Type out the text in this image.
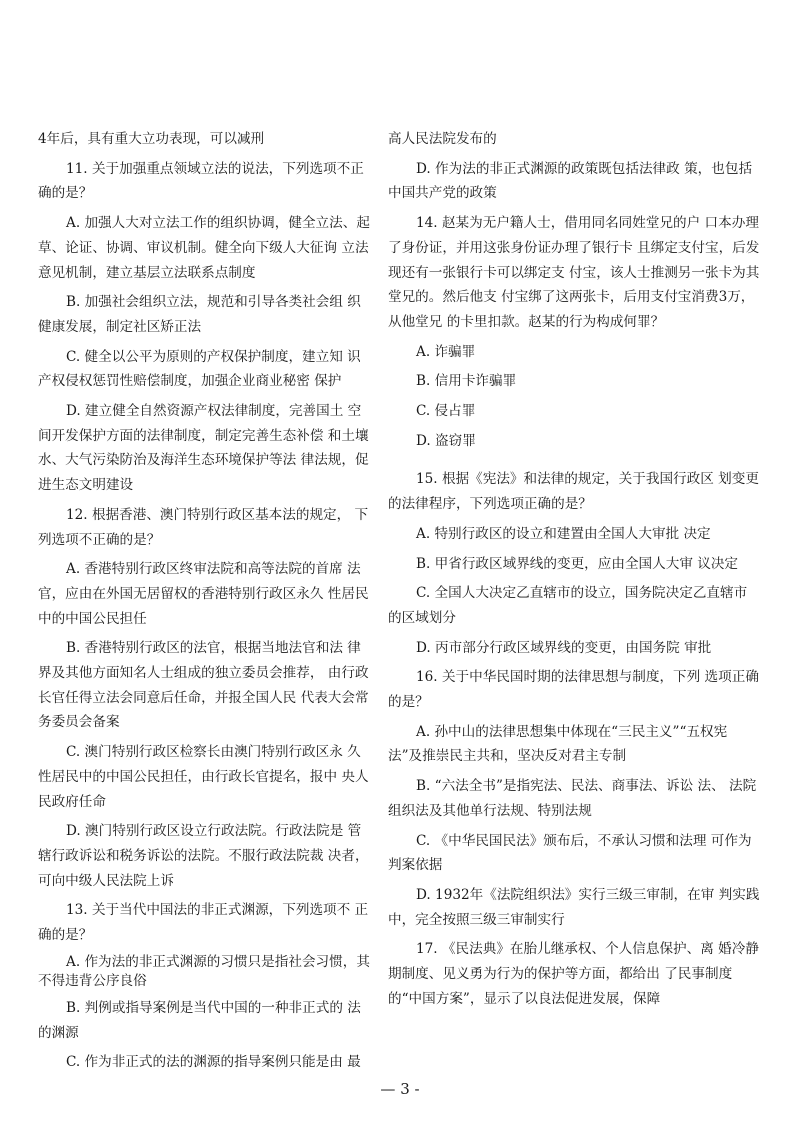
4年后，具有重大立功表现，可以减刑

11. 关于加强重点领域立法的说法，下列选项不正确的是？

A. 加强人大对立法工作的组织协调，健全立法、起草、论证、协调、审议机制。健全向下级人大征询 立法意见机制，建立基层立法联系点制度

B. 加强社会组织立法，规范和引导各类社会组 织健康发展，制定社区矫正法

C. 健全以公平为原则的产权保护制度，建立知 识产权侵权惩罚性赔偿制度，加强企业商业秘密 保护

D. 建立健全自然资源产权法律制度，完善国土 空间开发保护方面的法律制度，制定完善生态补偿 和土壤水、大气污染防治及海洋生态环境保护等法 律法规，促进生态文明建设

12. 根据香港、澳门特别行政区基本法的规定， 下列选项不正确的是？

A. 香港特别行政区终审法院和高等法院的首席 法官，应由在外国无居留权的香港特别行政区永久 性居民中的中国公民担任

B. 香港特别行政区的法官，根据当地法官和法 律界及其他方面知名人士组成的独立委员会推荐， 由行政长官任得立法会同意后任命，并报全国人民 代表大会常务委员会备案

C. 澳门特别行政区检察长由澳门特别行政区永 久性居民中的中国公民担任，由行政长官提名，报中 央人民政府任命

D. 澳门特别行政区设立行政法院。行政法院是 管辖行政诉讼和税务诉讼的法院。不服行政法院裁 决者，可向中级人民法院上诉

13. 关于当代中国法的非正式渊源，下列选项不 正确的是？

A. 作为法的非正式渊源的习惯只是指社会习惯，其不得违背公序良俗

B. 判例或指导案例是当代中国的一种非正式的 法的渊源

C. 作为非正式的法的渊源的指导案例只能是由 最

高人民法院发布的

D. 作为法的非正式渊源的政策既包括法律政 策，也包括中国共产党的政策

14. 赵某为无户籍人士，借用同名同姓堂兄的户 口本办理了身份证，并用这张身份证办理了银行卡 且绑定支付宝，后发现还有一张银行卡可以绑定支 付宝，该人士推测另一张卡为其堂兄的。然后他支 付宝绑了这两张卡，后用支付宝消费3万，从他堂兄 的卡里扣款。赵某的行为构成何罪？

A. 诈骗罪

B. 信用卡诈骗罪

C. 侵占罪

D. 盗窃罪

15. 根据《宪法》和法律的规定，关于我国行政区 划变更的法律程序，下列选项正确的是？

A. 特别行政区的设立和建置由全国人大审批 决定

B. 甲省行政区域界线的变更，应由全国人大审 议决定

C. 全国人大决定乙直辖市的设立，国务院决定乙直辖市的区域划分

D. 丙市部分行政区域界线的变更，由国务院 审批

16. 关于中华民国时期的法律思想与制度，下列 选项正确的是？

A. 孙中山的法律思想集中体现在“三民主义”“五权宪法”及推崇民主共和，坚决反对君主专制

B. “六法全书”是指宪法、民法、商事法、诉讼 法、 法院组织法及其他单行法规、特别法规

C. 《中华民国民法》颁布后，不承认习惯和法理 可作为判案依据

D. 1932年《法院组织法》实行三级三审制，在审 判实践中，完全按照三级三审制实行

17. 《民法典》在胎儿继承权、个人信息保护、离 婚冷静期制度、见义勇为行为的保护等方面，都给出 了民事制度的“中国方案”，显示了以良法促进发展，保障

— 3 -
